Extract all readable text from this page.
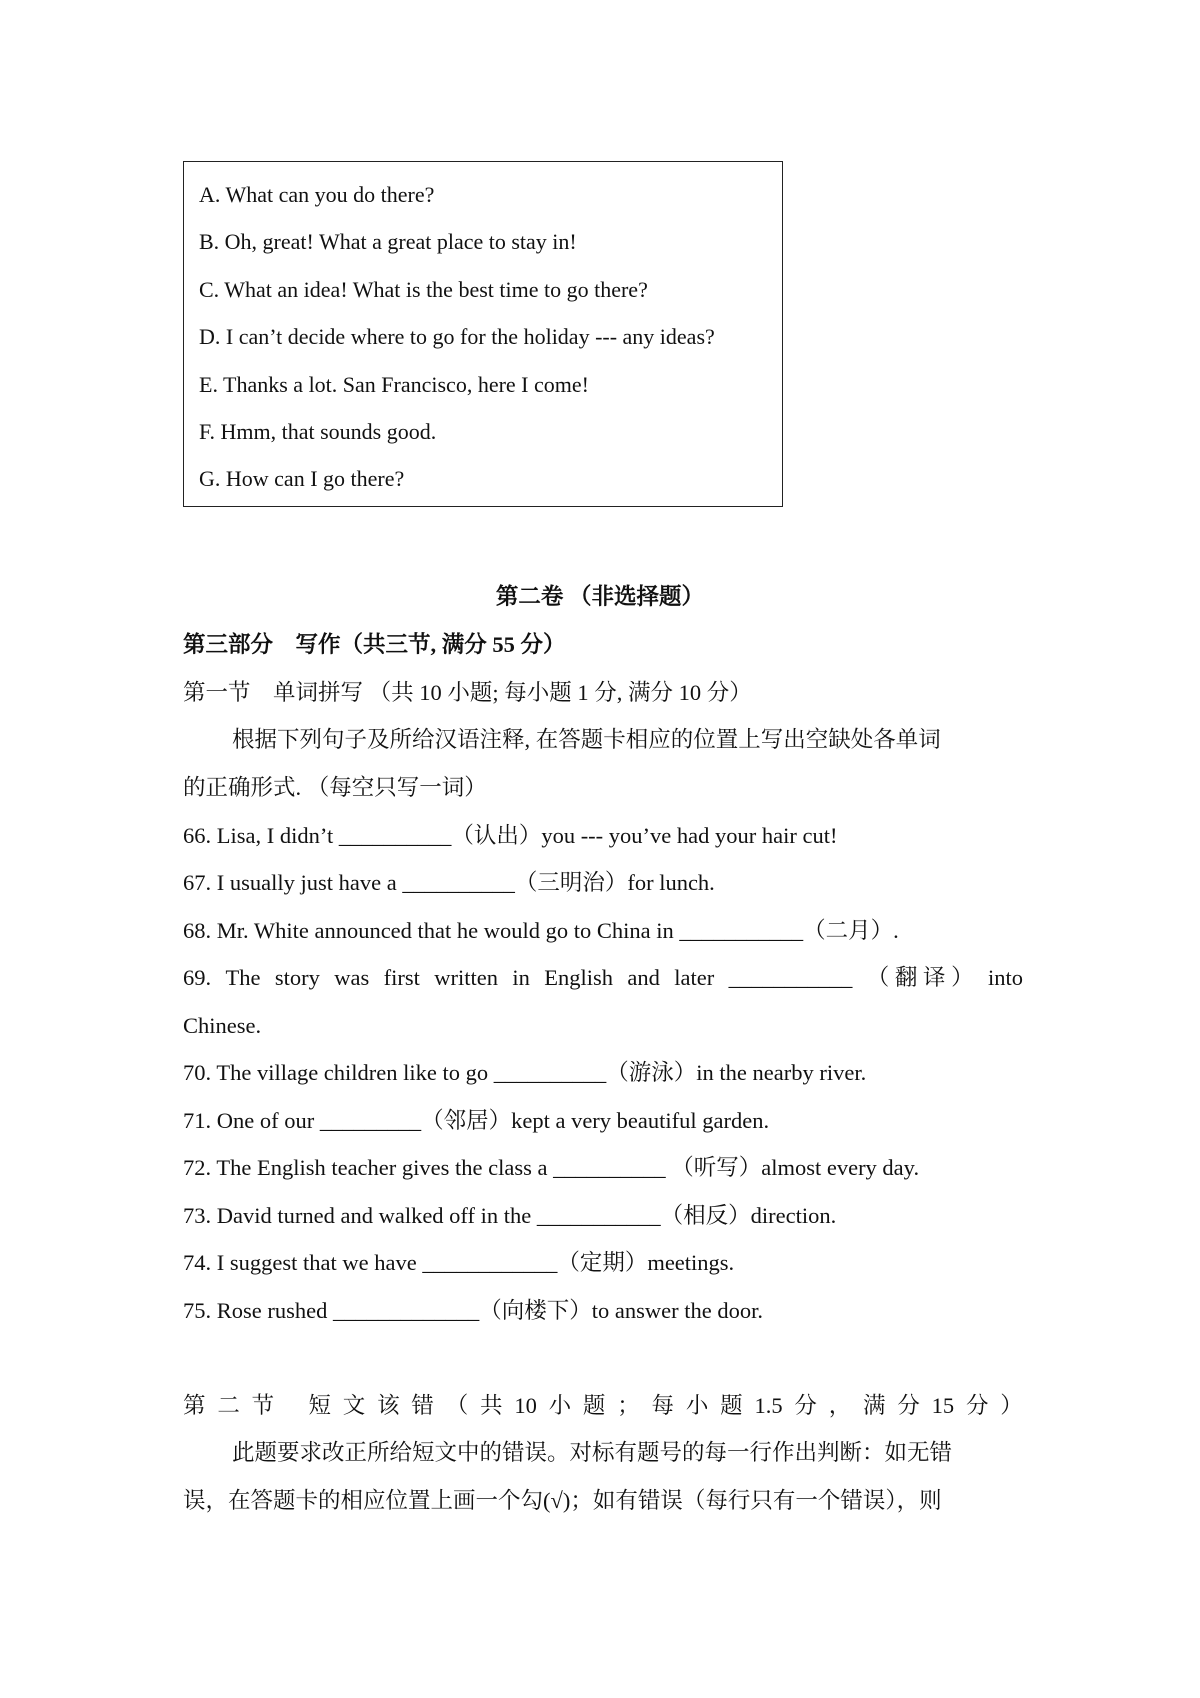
A. What can you do there?
B. Oh, great! What a great place to stay in!
C. What an idea! What is the best time to go there?
D. I can’t decide where to go for the holiday --- any ideas?
E. Thanks a lot. San Francisco, here I come!
F. Hmm, that sounds good.
G. How can I go there?
第二卷 （非选择题）
第三部分　写作（共三节, 满分 55 分）
第一节　单词拼写 （共 10 小题; 每小题 1 分, 满分 10 分）
根据下列句子及所给汉语注释, 在答题卡相应的位置上写出空缺处各单词
的正确形式. （每空只写一词）
66. Lisa, I didn’t __________（认出）you --- you’ve had your hair cut!
67. I usually just have a __________（三明治）for lunch.
68. Mr. White announced that he would go to China in ___________（二月）.
69. The story was first written in English and later ___________ （ 翻 译 ） into
Chinese.
70. The village children like to go __________（游泳）in the nearby river.
71. One of our _________（邻居）kept a very beautiful garden.
72. The English teacher gives the class a __________ （听写）almost every day.
73. David turned and walked off in the ___________（相反）direction.
74. I suggest that we have ____________（定期）meetings.
75. Rose rushed _____________（向楼下）to answer the door.
第 二 节 　短 文 该 错 （ 共 10 小 题 ； 每 小 题 1.5 分 ， 满 分 15 分 ）
此题要求改正所给短文中的错误。对标有题号的每一行作出判断：如无错
误，在答题卡的相应位置上画一个勾(√)；如有错误（每行只有一个错误），则
